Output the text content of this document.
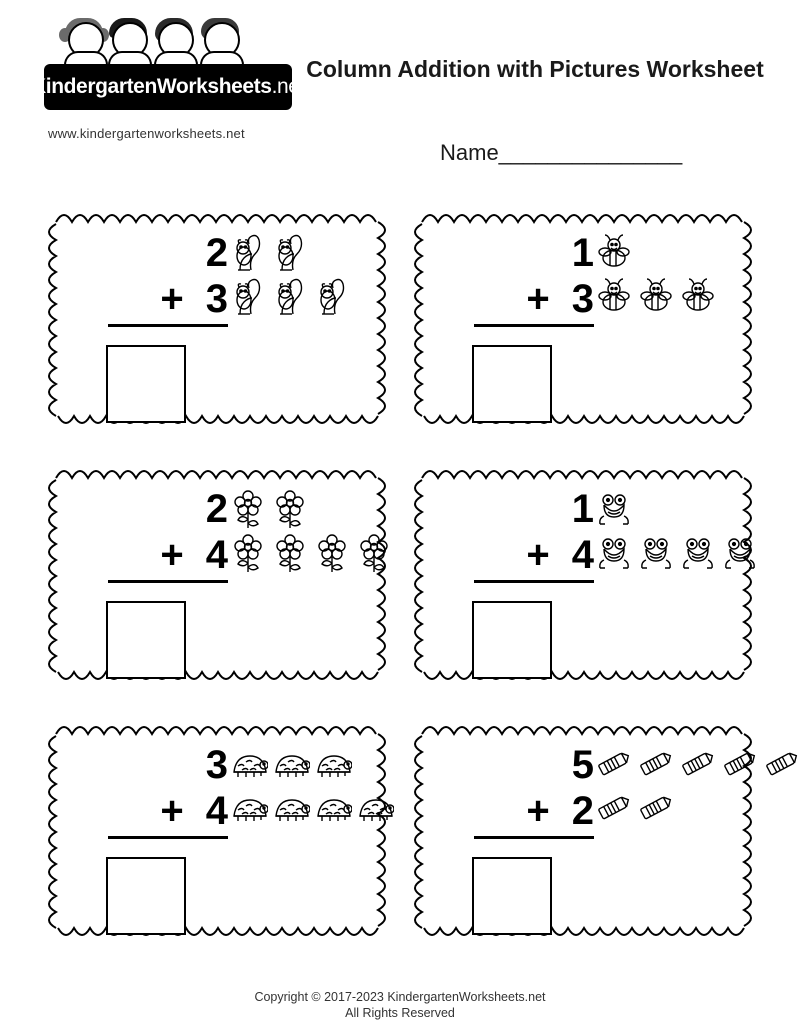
KindergartenWorksheets.net
www.kindergartenworksheets.net
Column Addition with Pictures Worksheet
Name_______________
2
+ 3
1
+ 3
2
+ 4
1
+ 4
3
+ 4
5
+ 2
Copyright © 2017-2023 KindergartenWorksheets.net
All Rights Reserved
